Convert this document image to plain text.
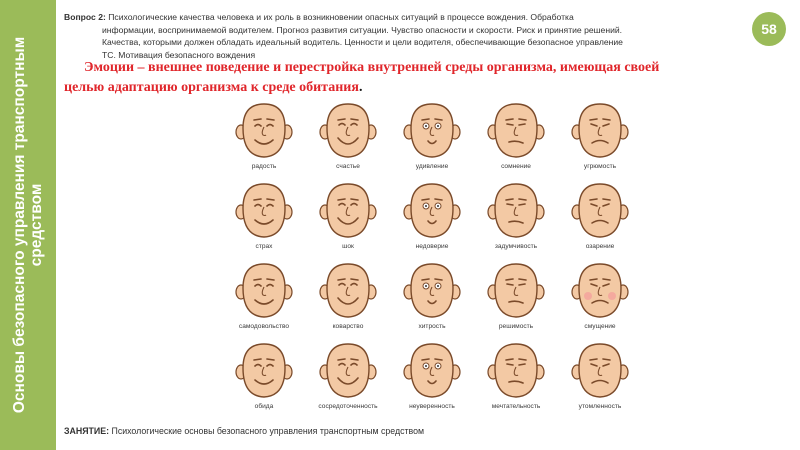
Основы безопасного управления транспортным средством
Вопрос 2: Психологические качества человека и их роль в возникновении опасных ситуаций в процессе вождения. Обработка
информации, воспринимаемой водителем. Прогноз развития ситуации. Чувство опасности и скорости. Риск и принятие решений.
Качества, которыми должен обладать идеальный водитель. Ценности и цели водителя, обеспечивающие безопасное управление
ТС. Мотивация безопасного вождения
58
Эмоции – внешнее поведение и перестройка внутренней среды организма, имеющая своей
целью адаптацию организма к среде обитания.
радость	счастье	удивление	сомнение	угрюмость
страх	шок	недоверие	задумчивость	озарение
самодовольство	коварство	хитрость	решимость	смущение
обида	сосредоточенность	неуверенность	мечтательность	утомленность
ЗАНЯТИЕ: Психологические основы безопасного управления транспортным средством
